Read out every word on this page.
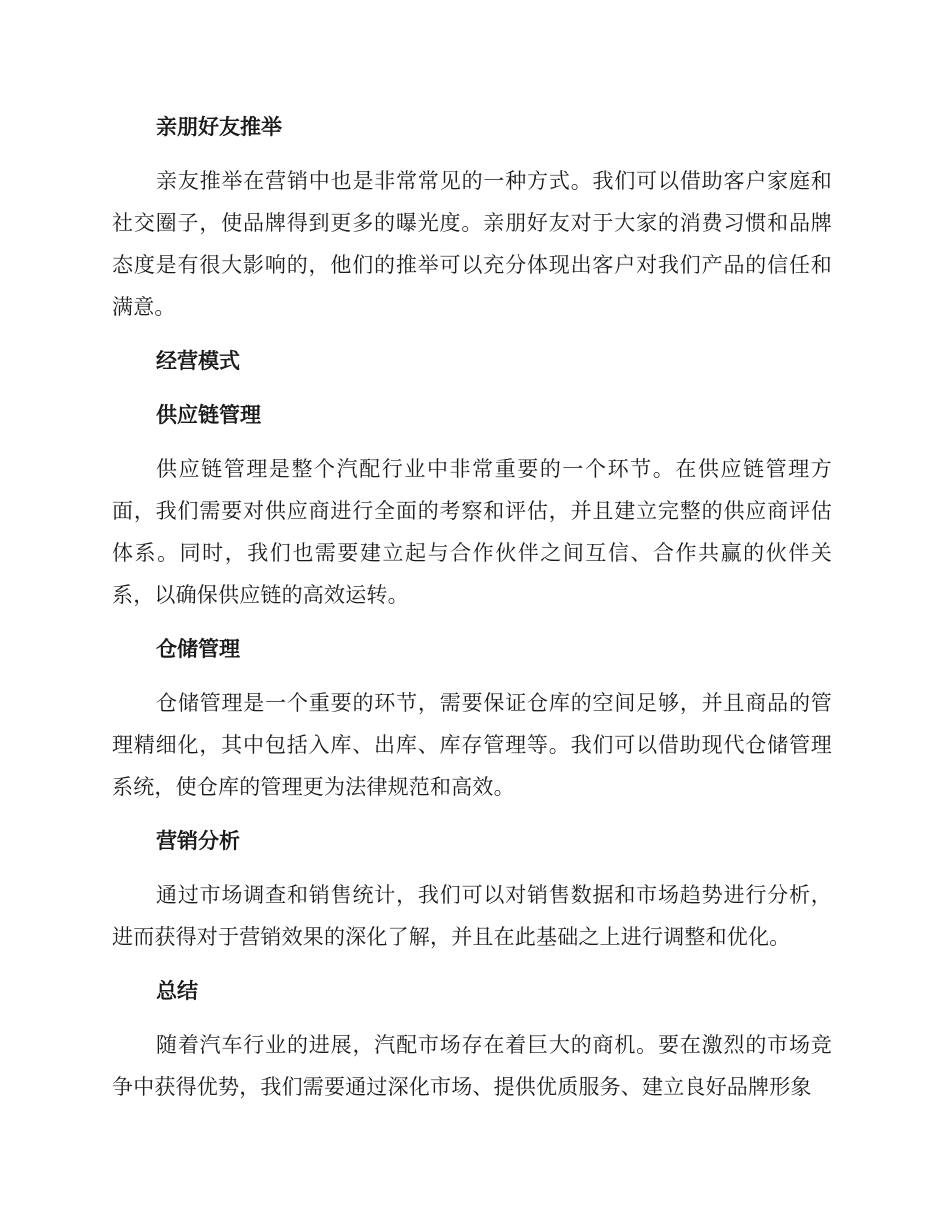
亲朋好友推举

亲友推举在营销中也是非常常见的一种方式。我们可以借助客户家庭和社交圈子，使品牌得到更多的曝光度。亲朋好友对于大家的消费习惯和品牌态度是有很大影响的，他们的推举可以充分体现出客户对我们产品的信任和满意。

经营模式
供应链管理

供应链管理是整个汽配行业中非常重要的一个环节。在供应链管理方面，我们需要对供应商进行全面的考察和评估，并且建立完整的供应商评估体系。同时，我们也需要建立起与合作伙伴之间互信、合作共赢的伙伴关系，以确保供应链的高效运转。

仓储管理

仓储管理是一个重要的环节，需要保证仓库的空间足够，并且商品的管理精细化，其中包括入库、出库、库存管理等。我们可以借助现代仓储管理系统，使仓库的管理更为法律规范和高效。

营销分析

通过市场调查和销售统计，我们可以对销售数据和市场趋势进行分析，进而获得对于营销效果的深化了解，并且在此基础之上进行调整和优化。

总结

随着汽车行业的进展，汽配市场存在着巨大的商机。要在激烈的市场竞争中获得优势，我们需要通过深化市场、提供优质服务、建立良好品牌形象
